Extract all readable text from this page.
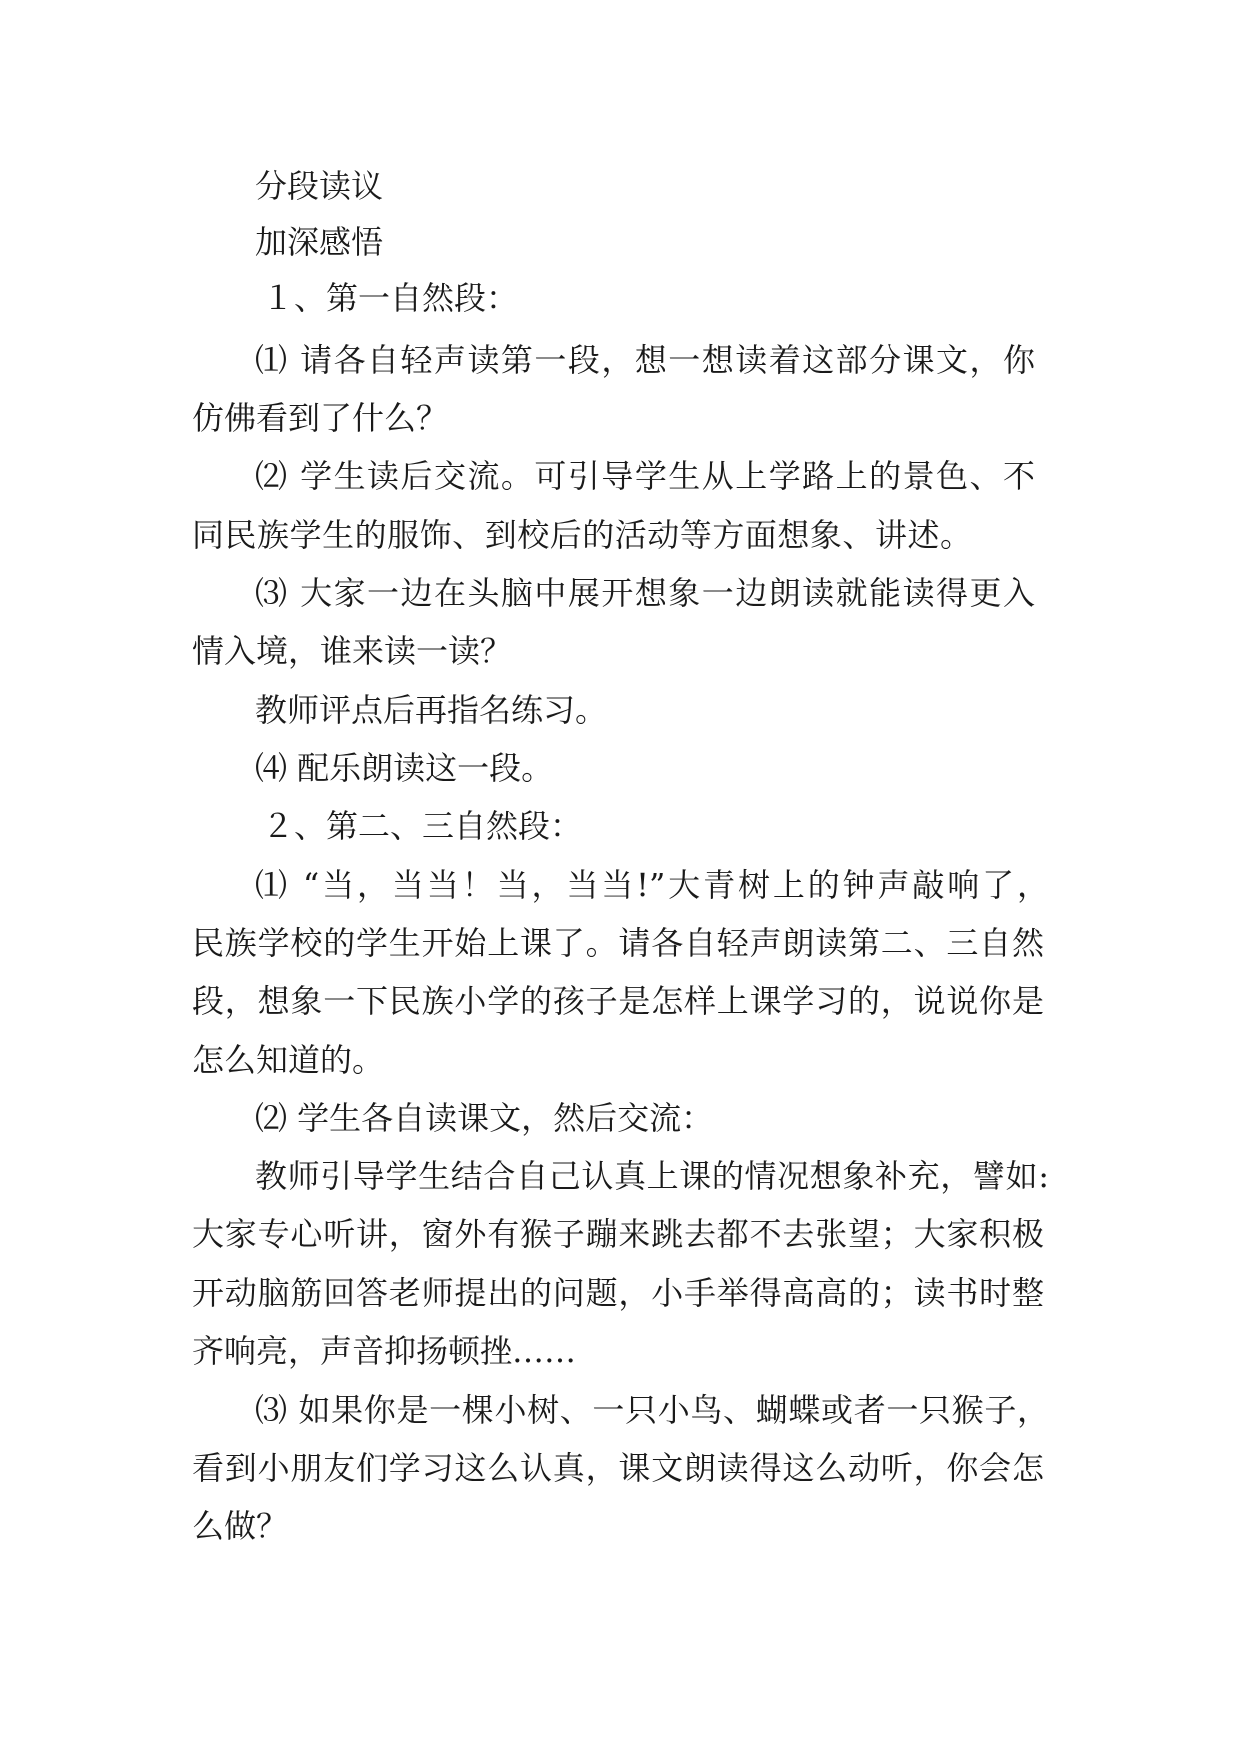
分段读议
加深感悟
１、第一自然段：
⑴ 请各自轻声读第一段，想一想读着这部分课文，你
仿佛看到了什么？
⑵ 学生读后交流。可引导学生从上学路上的景色、不
同民族学生的服饰、到校后的活动等方面想象、讲述。
⑶ 大家一边在头脑中展开想象一边朗读就能读得更入
情入境，谁来读一读？
教师评点后再指名练习。
⑷ 配乐朗读这一段。
２、第二、三自然段：
⑴ “当，当当！当，当当!”大青树上的钟声敲响了，
民族学校的学生开始上课了。请各自轻声朗读第二、三自然
段，想象一下民族小学的孩子是怎样上课学习的，说说你是
怎么知道的。
⑵ 学生各自读课文，然后交流：
教师引导学生结合自己认真上课的情况想象补充，譬如:
大家专心听讲，窗外有猴子蹦来跳去都不去张望；大家积极
开动脑筋回答老师提出的问题，小手举得高高的；读书时整
齐响亮，声音抑扬顿挫……
⑶ 如果你是一棵小树、一只小鸟、蝴蝶或者一只猴子，
看到小朋友们学习这么认真，课文朗读得这么动听，你会怎
么做？
